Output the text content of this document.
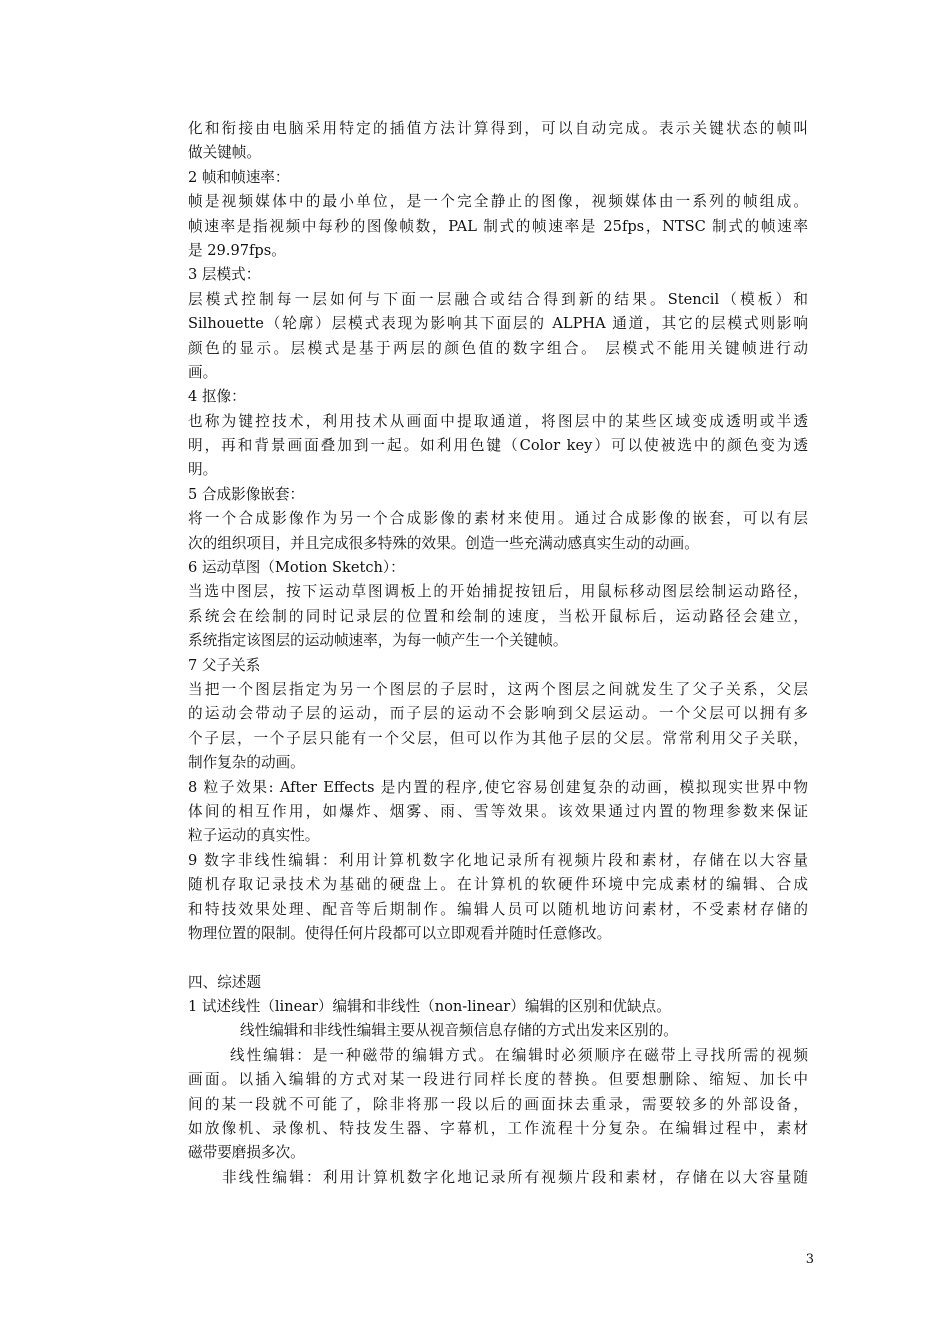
化和衔接由电脑采用特定的插值方法计算得到，可以自动完成。表示关键状态的帧叫
做关键帧。
2 帧和帧速率：
帧是视频媒体中的最小单位，是一个完全静止的图像，视频媒体由一系列的帧组成。
帧速率是指视频中每秒的图像帧数，PAL 制式的帧速率是 25fps，NTSC 制式的帧速率
是 29.97fps。
3 层模式：
层模式控制每一层如何与下面一层融合或结合得到新的结果。Stencil（模板）和
Silhouette（轮廓）层模式表现为影响其下面层的 ALPHA 通道，其它的层模式则影响
颜色的显示。层模式是基于两层的颜色值的数字组合。 层模式不能用关键帧进行动
画。
4 抠像：
也称为键控技术，利用技术从画面中提取通道，将图层中的某些区域变成透明或半透
明，再和背景画面叠加到一起。如利用色键（Color key）可以使被选中的颜色变为透
明。
5 合成影像嵌套：
将一个合成影像作为另一个合成影像的素材来使用。通过合成影像的嵌套，可以有层
次的组织项目，并且完成很多特殊的效果。创造一些充满动感真实生动的动画。
6 运动草图（Motion Sketch）：
当选中图层，按下运动草图调板上的开始捕捉按钮后，用鼠标移动图层绘制运动路径，
系统会在绘制的同时记录层的位置和绘制的速度，当松开鼠标后，运动路径会建立，
系统指定该图层的运动帧速率，为每一帧产生一个关键帧。
7 父子关系
当把一个图层指定为另一个图层的子层时，这两个图层之间就发生了父子关系，父层
的运动会带动子层的运动，而子层的运动不会影响到父层运动。一个父层可以拥有多
个子层，一个子层只能有一个父层，但可以作为其他子层的父层。常常利用父子关联，
制作复杂的动画。
8 粒子效果: After Effects 是内置的程序,使它容易创建复杂的动画，模拟现实世界中物
体间的相互作用，如爆炸、烟雾、雨、雪等效果。该效果通过内置的物理参数来保证
粒子运动的真实性。
9 数字非线性编辑：利用计算机数字化地记录所有视频片段和素材，存储在以大容量
随机存取记录技术为基础的硬盘上。在计算机的软硬件环境中完成素材的编辑、合成
和特技效果处理、配音等后期制作。编辑人员可以随机地访问素材，不受素材存储的
物理位置的限制。使得任何片段都可以立即观看并随时任意修改。
四、综述题
1 试述线性（linear）编辑和非线性（non-linear）编辑的区别和优缺点。
线性编辑和非线性编辑主要从视音频信息存储的方式出发来区别的。
线性编辑：是一种磁带的编辑方式。在编辑时必须顺序在磁带上寻找所需的视频
画面。以插入编辑的方式对某一段进行同样长度的替换。但要想删除、缩短、加长中
间的某一段就不可能了，除非将那一段以后的画面抹去重录，需要较多的外部设备，
如放像机、录像机、特技发生器、字幕机，工作流程十分复杂。在编辑过程中，素材
磁带要磨损多次。
非线性编辑：利用计算机数字化地记录所有视频片段和素材，存储在以大容量随
3
